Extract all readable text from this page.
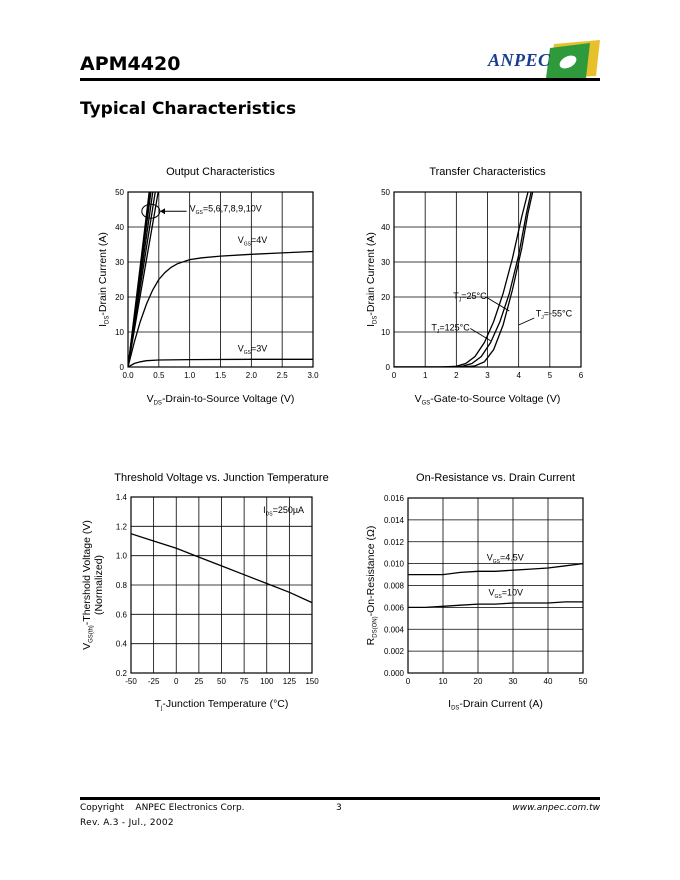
APM4420	ANPEC
Typical Characteristics
Output Characteristics
0.0 0.5 1.0 1.5 2.0 2.5 3.0
0
10
20
30
40
50
$V_{GS}=5,6,7,8,9,10V$
$V_{GS}=4V$
$V_{GS}=3V$
$V_{DS}-Drain-to$-Source Voltage (V)
$I_{DS}$-Drain Current (A)
Transfer Characteristics
0	1	2	3	4	5	6
0
10
20
30
40
50
$T_J=25^\circ C$
$T_J=125^\circ C$
$T_J=-55^\circ C$
$V_{GS}-Gate-to$-Source Voltage (V)
$I_{DS}$-Drain Current (A)
Threshold Voltage vs. Junction Temperature
-50 -25 0 25 50 75 100 125 150
0.2
0.4
0.6
0.8
1.0
1.2
1.4
$I_{DS}=250\mu A$
$T_j$-Junction Temperature (°C)
$V_{GS(th)}$-Thershold Voltage (V) (Normalized)
On-Resistance vs. Drain Current
0	10	20	30	40	50
0.000
0.002
0.004
0.006
0.008
0.010
0.012
0.014
0.016
$V_{GS}=4.5V$
$V_{GS}=10V$
$I_{DS}$-Drain Current (A)
$R_{DS(ON)}-On$-Resistance (Ω)
Copyright    ANPEC Electronics Corp.	3	www.anpec.com.tw
Rev. A.3 - Jul., 2002
